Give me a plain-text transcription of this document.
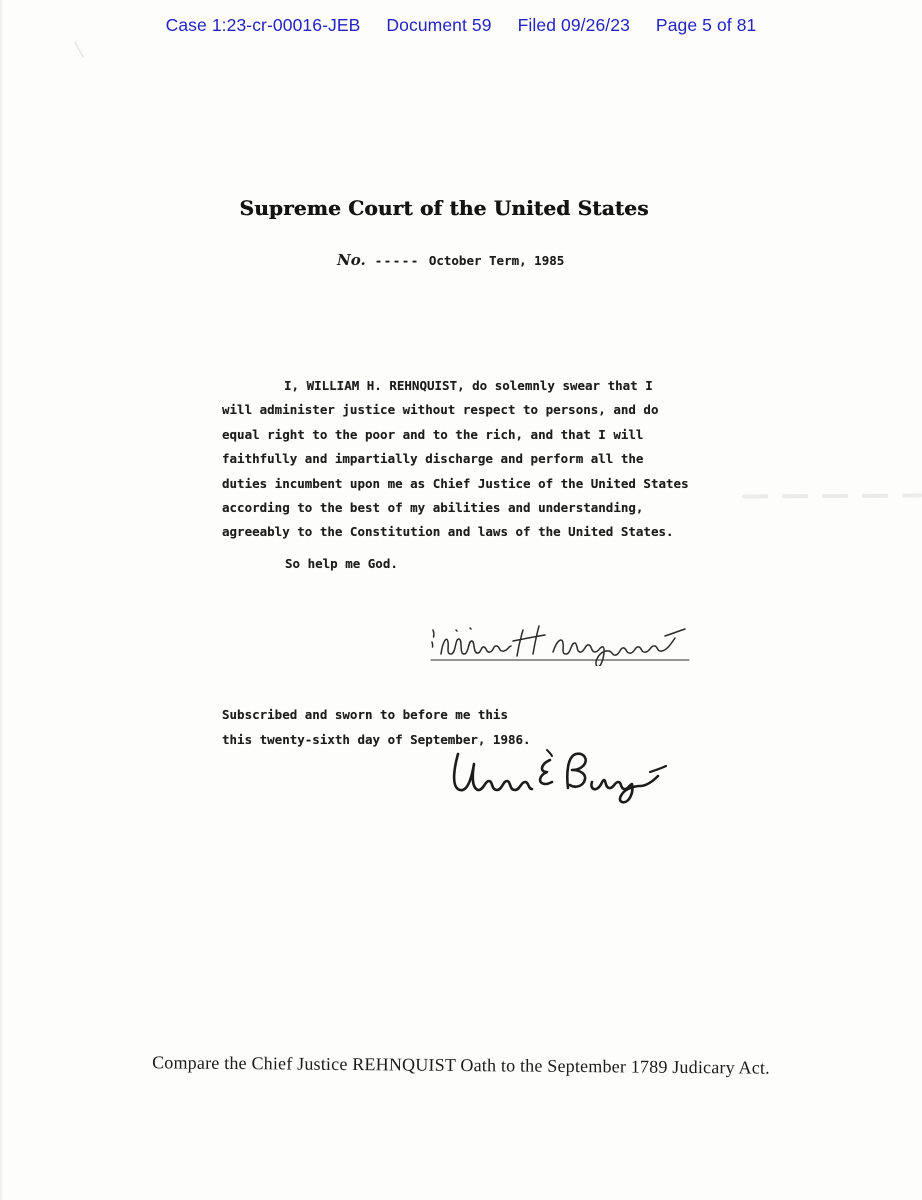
Case 1:23-cr-00016-JEB Document 59 Filed 09/26/23 Page 5 of 81
Supreme Court of the United States
No. ----- October Term, 1985
I, WILLIAM H. REHNQUIST, do solemnly swear that I
will administer justice without respect to persons, and do
equal right to the poor and to the rich, and that I will
faithfully and impartially discharge and perform all the
duties incumbent upon me as Chief Justice of the United States
according to the best of my abilities and understanding,
agreeably to the Constitution and laws of the United States.
So help me God.
Subscribed and sworn to before me this
this twenty-sixth day of September, 1986.
Compare the Chief Justice REHNQUIST Oath to the September 1789 Judicary Act.
